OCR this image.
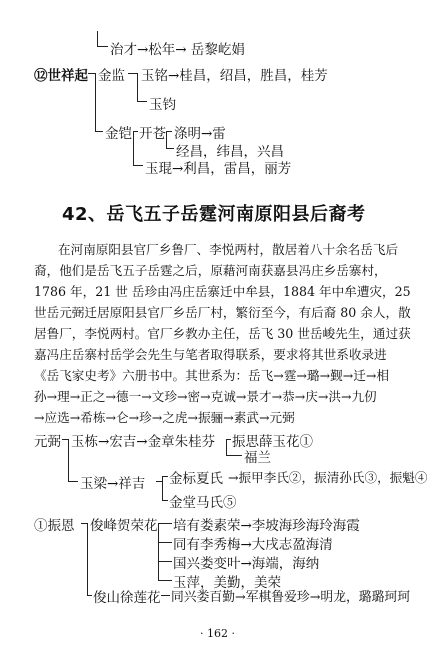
治才→松年→ 岳黎屹娟
⑫世祥起 金监 玉铭→桂昌，绍昌，胜昌，桂芳
玉钧
金铠 开苍 涤明→雷
经昌，纬昌，兴昌
玉琨→利昌，雷昌，丽芳
42、岳飞五子岳霆河南原阳县后裔考
在河南原阳县官厂乡鲁厂、李悦两村，散居着八十余名岳飞后
裔，他们是岳飞五子岳霆之后，原藉河南获嘉县冯庄乡岳寨村，
1786 年，21 世 岳珍由冯庄岳寨迁中牟县，1884 年中牟遭灾，25
世岳元弼迁居原阳县官厂乡岳厂村，繁衍至今，有后裔 80 余人，散
居鲁厂，李悦两村。官厂乡教办主任，岳飞 30 世岳峻先生，通过获
嘉冯庄岳寨村岳学会先生与笔者取得联系，要求将其世系收录进
《岳飞家史考》六册书中。其世系为：岳飞→霆→璐→觐→迁→相
孙→理→正之→德一→文珍→密→克诚→景才→恭→庆→洪→九仞
→应选→希栋→仑→珍→之虎→振骊→素武→元弼
元弼 玉栋→宏吉→金章朱桂芬 振思薛玉花①
福兰
玉梁→祥吉 金标夏氏 →振甲李氏②，振清孙氏③，振魁④
金堂马氏⑤
①振恩 俊峰贺荣花 培有娄素荣→李坡海珍海玲海霞
同有李秀梅→大戌志盈海清
国兴娄变叶→海端，海纳
玉萍，美勤，美荣
俊山徐莲花 同兴娄百勤→军棋鲁爱珍→明龙，璐璐珂珂
· 162 ·
